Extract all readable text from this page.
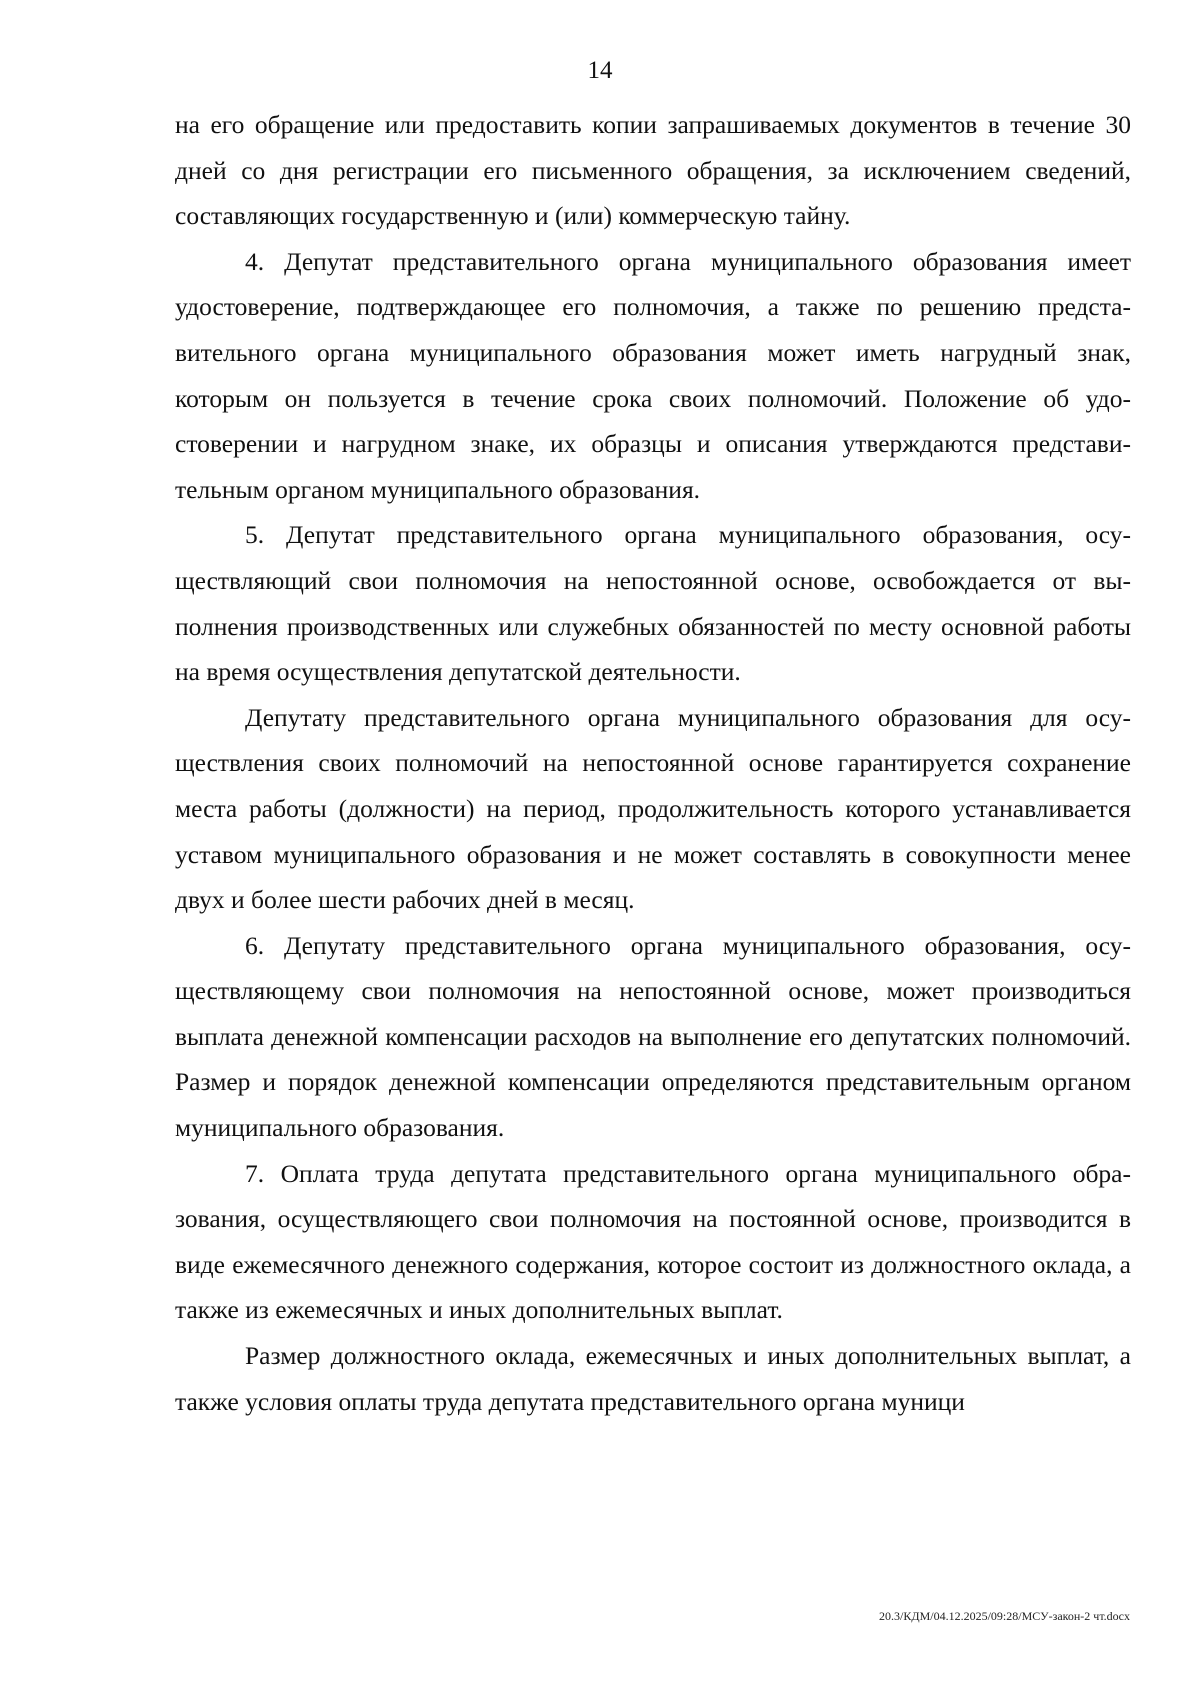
14

на его обращение или предоставить копии запрашиваемых документов в течение 30 дней со дня регистрации его письменного обращения, за исключением сведений, составляющих государственную и (или) коммерческую тайну.

4. Депутат представительного органа муниципального образования имеет удостоверение, подтверждающее его полномочия, а также по решению представительного органа муниципального образования может иметь нагрудный знак, которым он пользуется в течение срока своих полномочий. Положение об удостоверении и нагрудном знаке, их образцы и описания утверждаются представительным органом муниципального образования.

5. Депутат представительного органа муниципального образования, осуществляющий свои полномочия на непостоянной основе, освобождается от выполнения производственных или служебных обязанностей по месту основной работы на время осуществления депутатской деятельности.

Депутату представительного органа муниципального образования для осуществления своих полномочий на непостоянной основе гарантируется сохранение места работы (должности) на период, продолжительность которого устанавливается уставом муниципального образования и не может составлять в совокупности менее двух и более шести рабочих дней в месяц.

6. Депутату представительного органа муниципального образования, осуществляющему свои полномочия на непостоянной основе, может производиться выплата денежной компенсации расходов на выполнение его депутатских полномочий. Размер и порядок денежной компенсации определяются представительным органом муниципального образования.

7. Оплата труда депутата представительного органа муниципального образования, осуществляющего свои полномочия на постоянной основе, производится в виде ежемесячного денежного содержания, которое состоит из должностного оклада, а также из ежемесячных и иных дополнительных выплат.

Размер должностного оклада, ежемесячных и иных дополнительных выплат, а также условия оплаты труда депутата представительного органа муници

20.3/КДМ/04.12.2025/09:28/МСУ-закон-2 чт.docx
